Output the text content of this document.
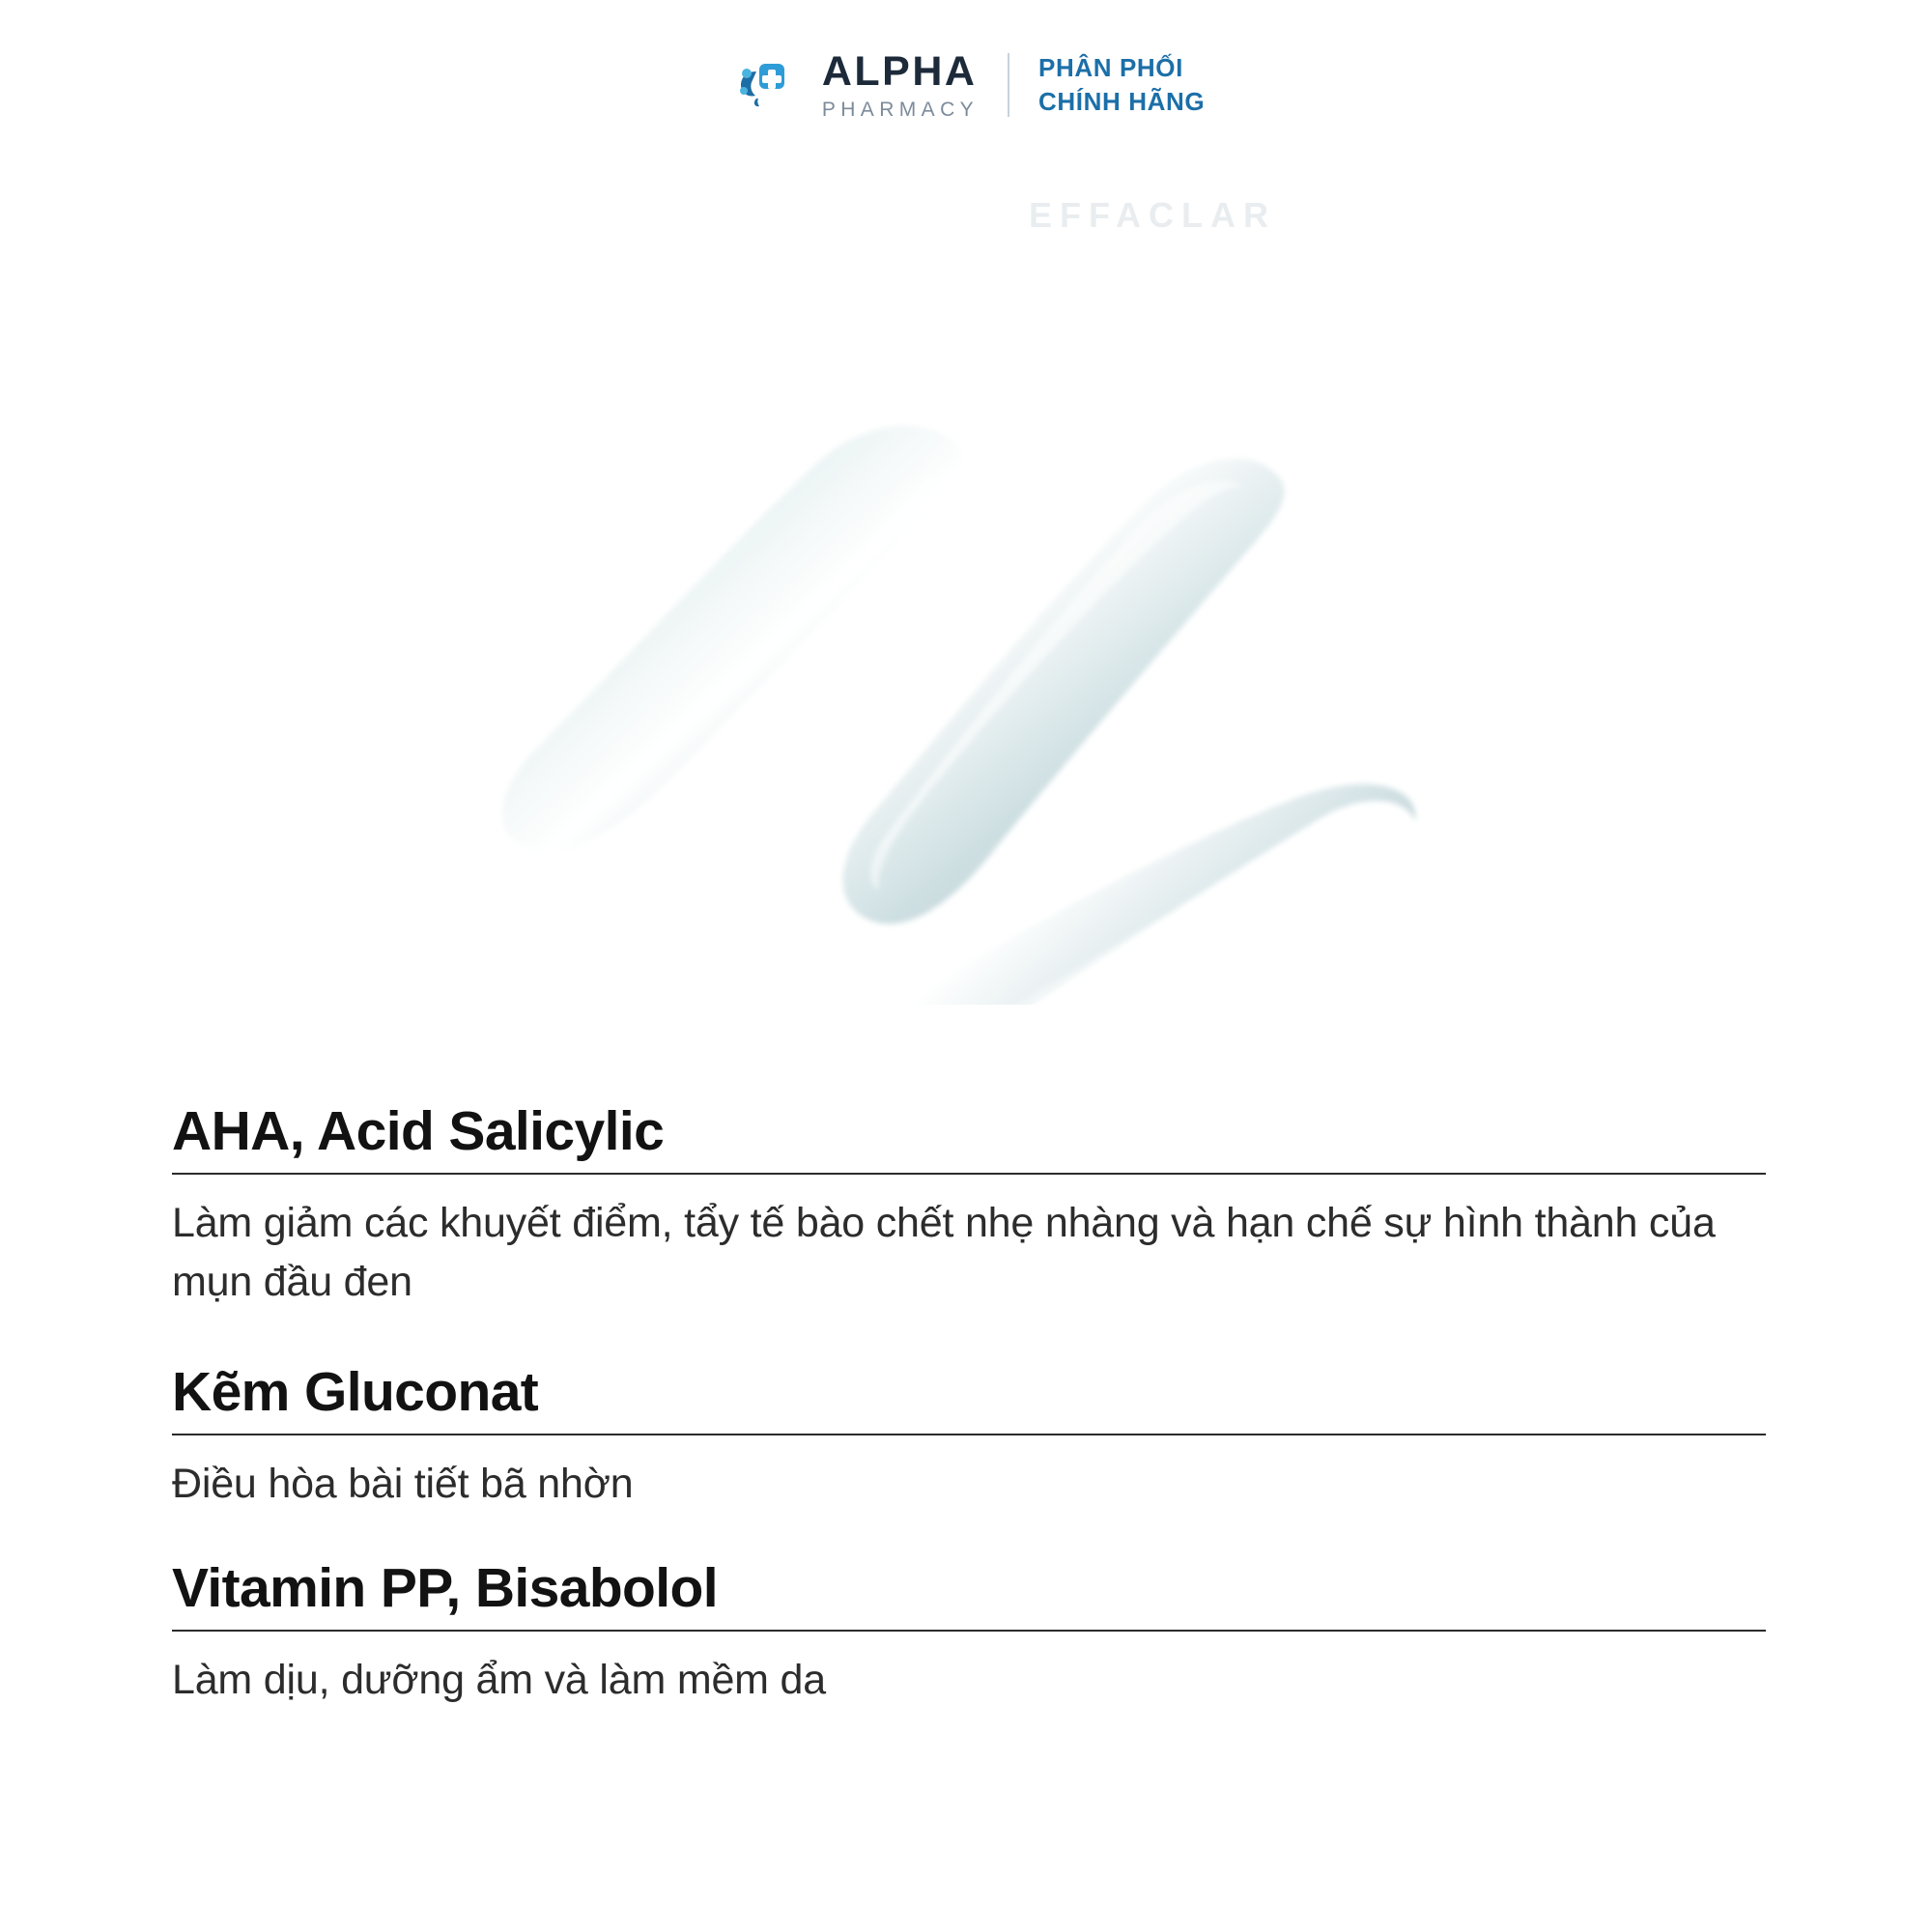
ALPHA
PHARMACY
PHÂN PHỐI
CHÍNH HÃNG
EFFACLAR
AHA, Acid Salicylic
Làm giảm các khuyết điểm, tẩy tế bào chết nhẹ nhàng và hạn chế sự hình thành của mụn đầu đen
Kẽm Gluconat
Điều hòa bài tiết bã nhờn
Vitamin PP, Bisabolol
Làm dịu, dưỡng ẩm và làm mềm da
